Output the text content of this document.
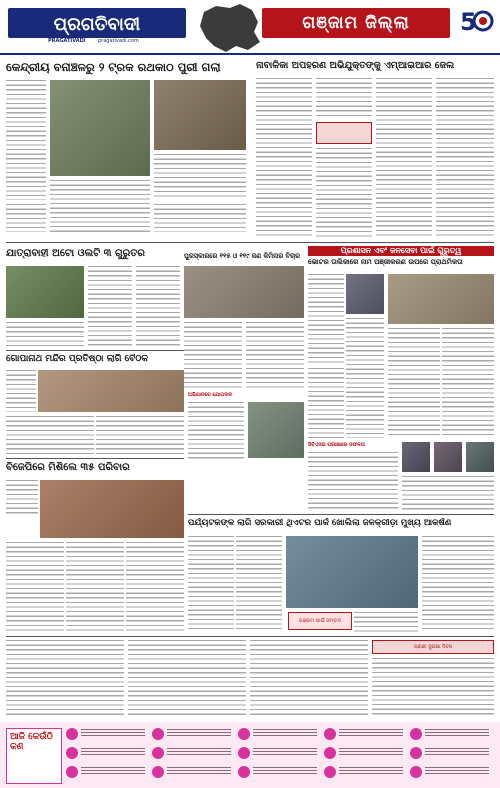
ପ୍ରଗତିବାଦୀ
PRAGATIVADI pragativadi.com
ଗଞ୍ଜାମ ଜିଲ୍ଲା 5
କେନ୍ଦ୍ରୀୟ ବନାଞ୍ଚଳରୁ ୨ ଟ୍ରକ ରଥକାଠ ପୁରୀ ଗଲା	ନାବାଳିକା ଅପହରଣ ଅଭିଯୁକ୍ତଙ୍କୁ ଏମ୍‌ଆଇଆର ଜେଲ
ଯାତ୍ରାବାହୀ ଅଟୋ ଓଲଟି ୩ ଗୁରୁତର	ପୁରସ୍କାରରେ ୧୧୫ ଓ ୧୧୯ ଜଣ କିମିନାର ବିଚାର
ପ୍ରଶାସନ ଏବଂ ଜନସେବା ପାଇଁ ଗୁରୁତ୍ୱ
ଭୋଟର ତାଲିକାରେ ନାମ ପଞ୍ଜୀକରଣ ଉପରେ ପ୍ରାଥମିକତା
ଗୋପାନାଥ ମନ୍ଦିର ପ୍ରତିଷ୍ଠା ଲାଗି ବୈଠକ
ଅଭିଯାନରେ ଯୋଗଦାନ
ସିବିଏସଇ ପରୀକ୍ଷାରେ ସଫଳତା
ବିଜେପିରେ ମିଶିଲେ ୩୫ ପରିବାର
ପର୍ଯ୍ୟଟକଙ୍କ ଲାଗି ସରକାରୀ ଥିଏଟର ପାର୍କ ଖୋଲିଲା ଜଳକ୍ରୀଡ଼ା ମୁଖ୍ୟ ଆକର୍ଷଣ
ଗଞ୍ଜାମ ପାଇଁ ସମ୍ବାଦ
ପ୍ରାଣୀ ସୁରକ୍ଷା ଦିବସ
ଆଜି କେଉଁଠି କଣ
